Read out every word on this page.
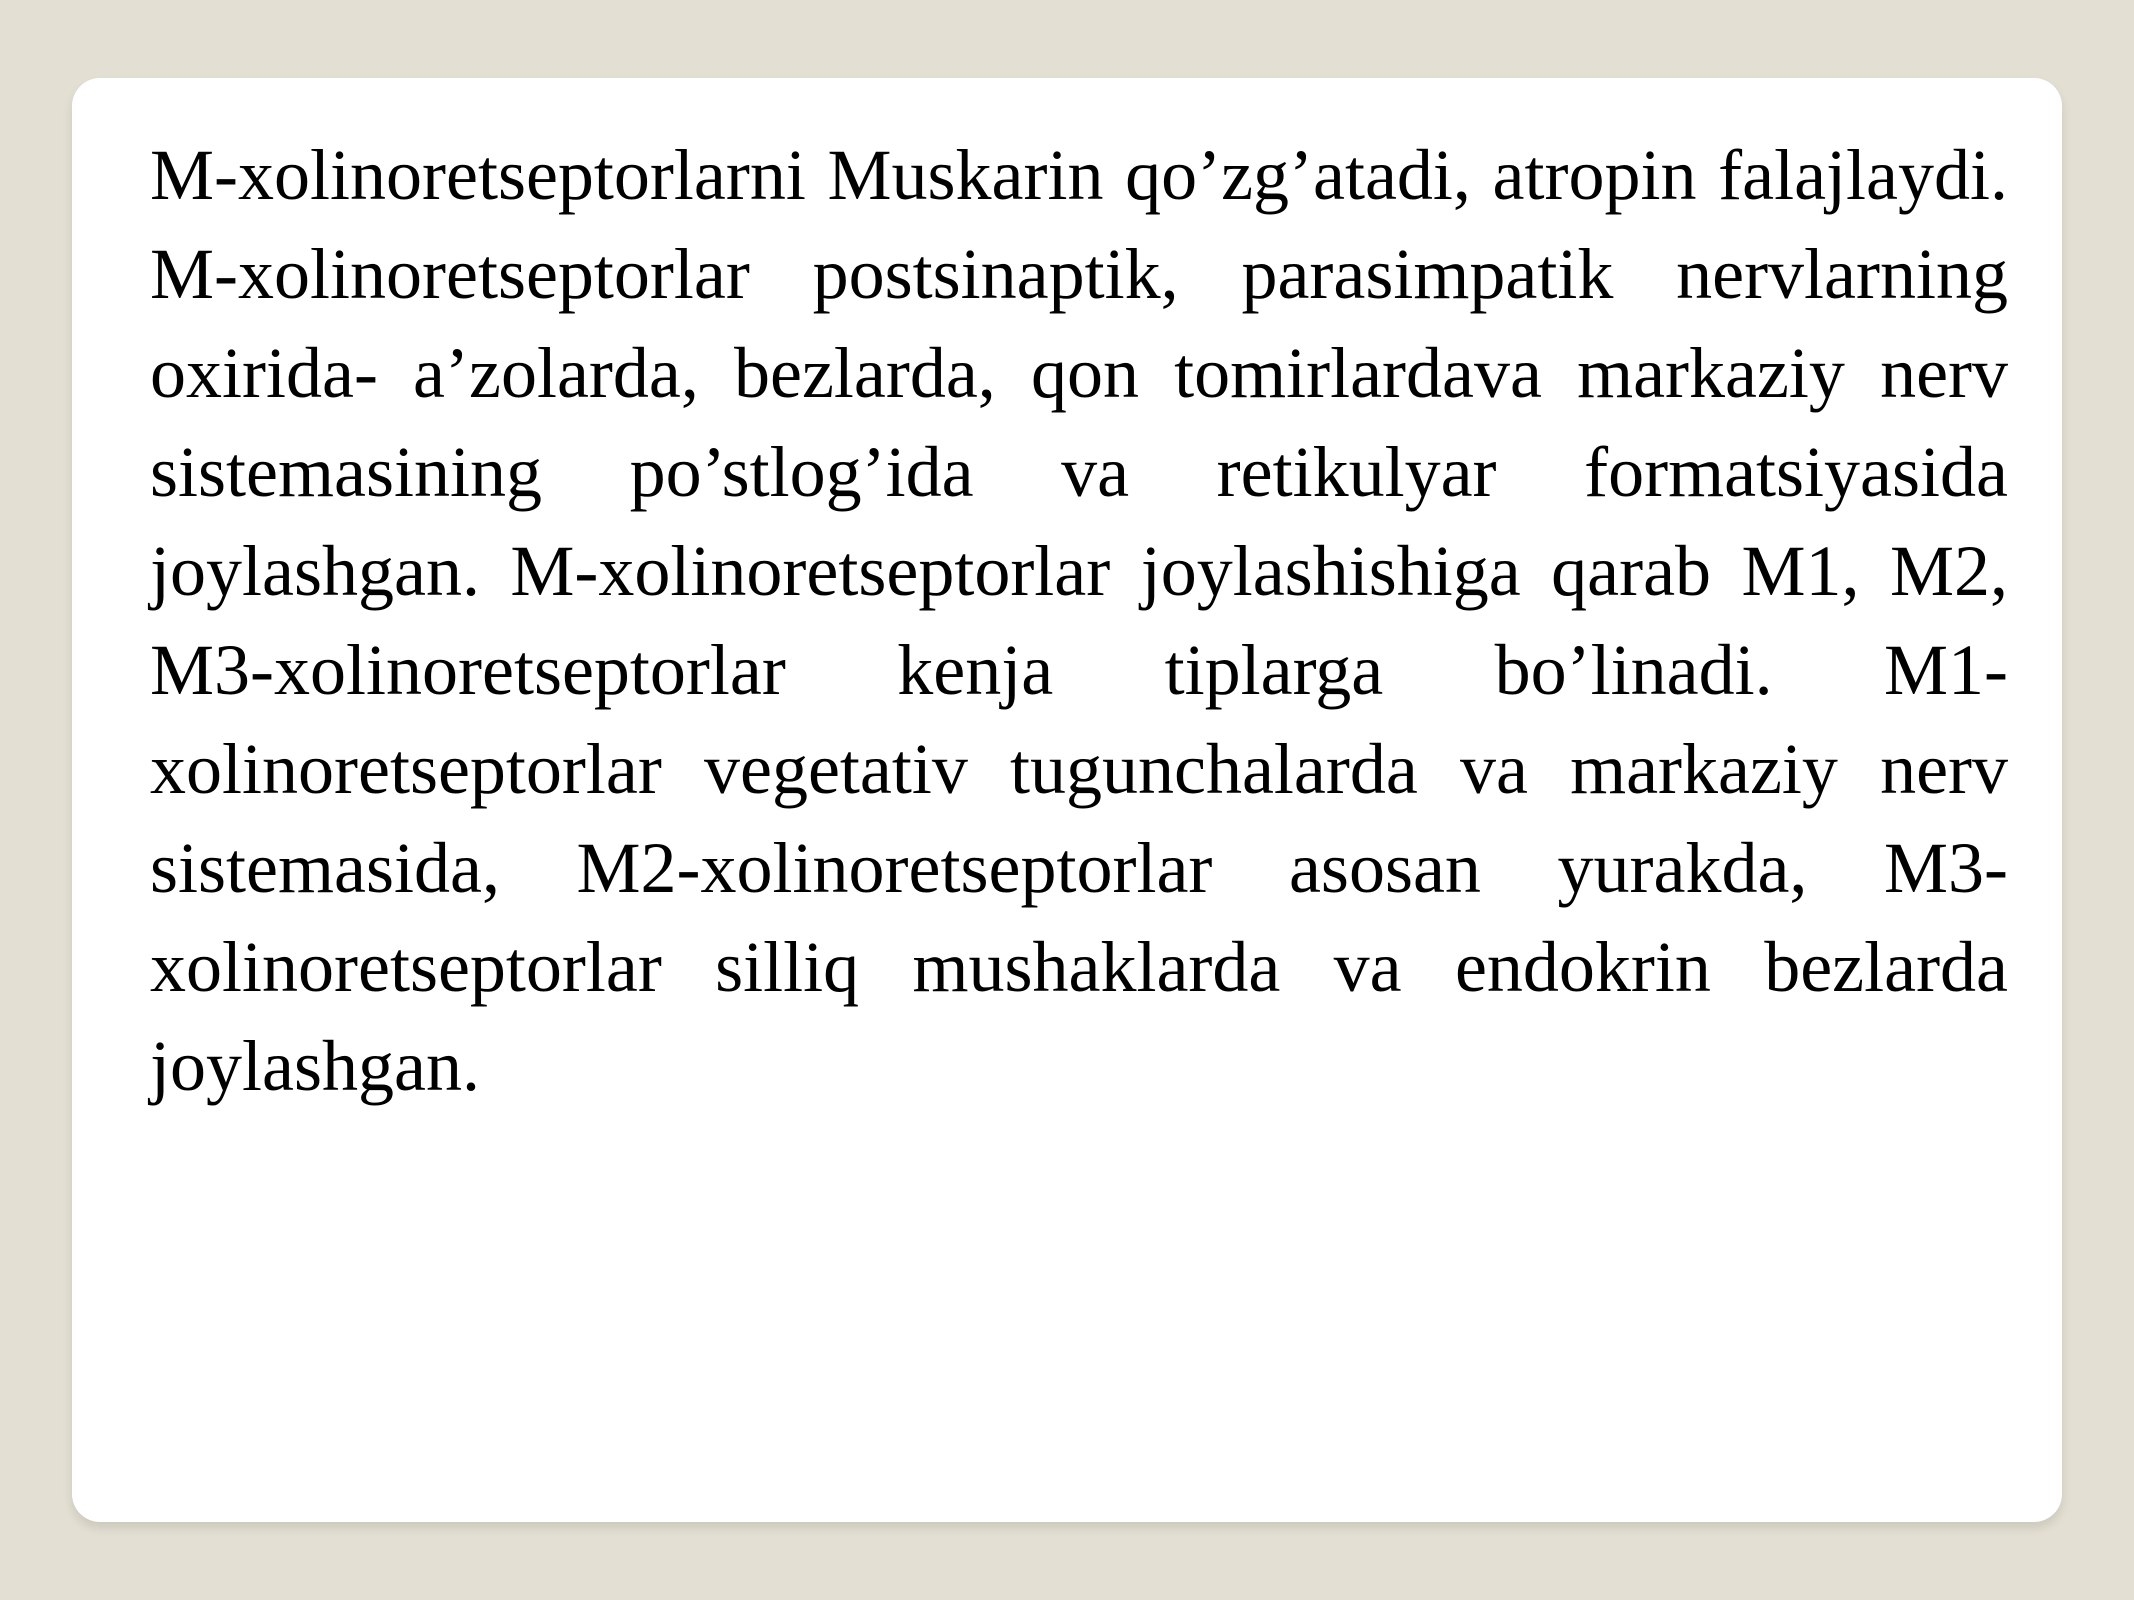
M-xolinoretseptorlarni Muskarin qo’zg’atadi, atropin falajlaydi. M-xolinoretseptorlar postsinaptik, parasimpatik nervlarning oxirida- a’zolarda, bezlarda, qon tomirlardava markaziy nerv sistemasining po’stlog’ida va retikulyar formatsiyasida joylashgan. M-xolinoretseptorlar joylashishiga qarab M1, M2, M3-xolinoretseptorlar kenja tiplarga bo’linadi. M1-xolinoretseptorlar vegetativ tugunchalarda va markaziy nerv sistemasida, M2-xolinoretseptorlar asosan yurakda, M3-xolinoretseptorlar silliq mushaklarda va endokrin bezlarda joylashgan.
